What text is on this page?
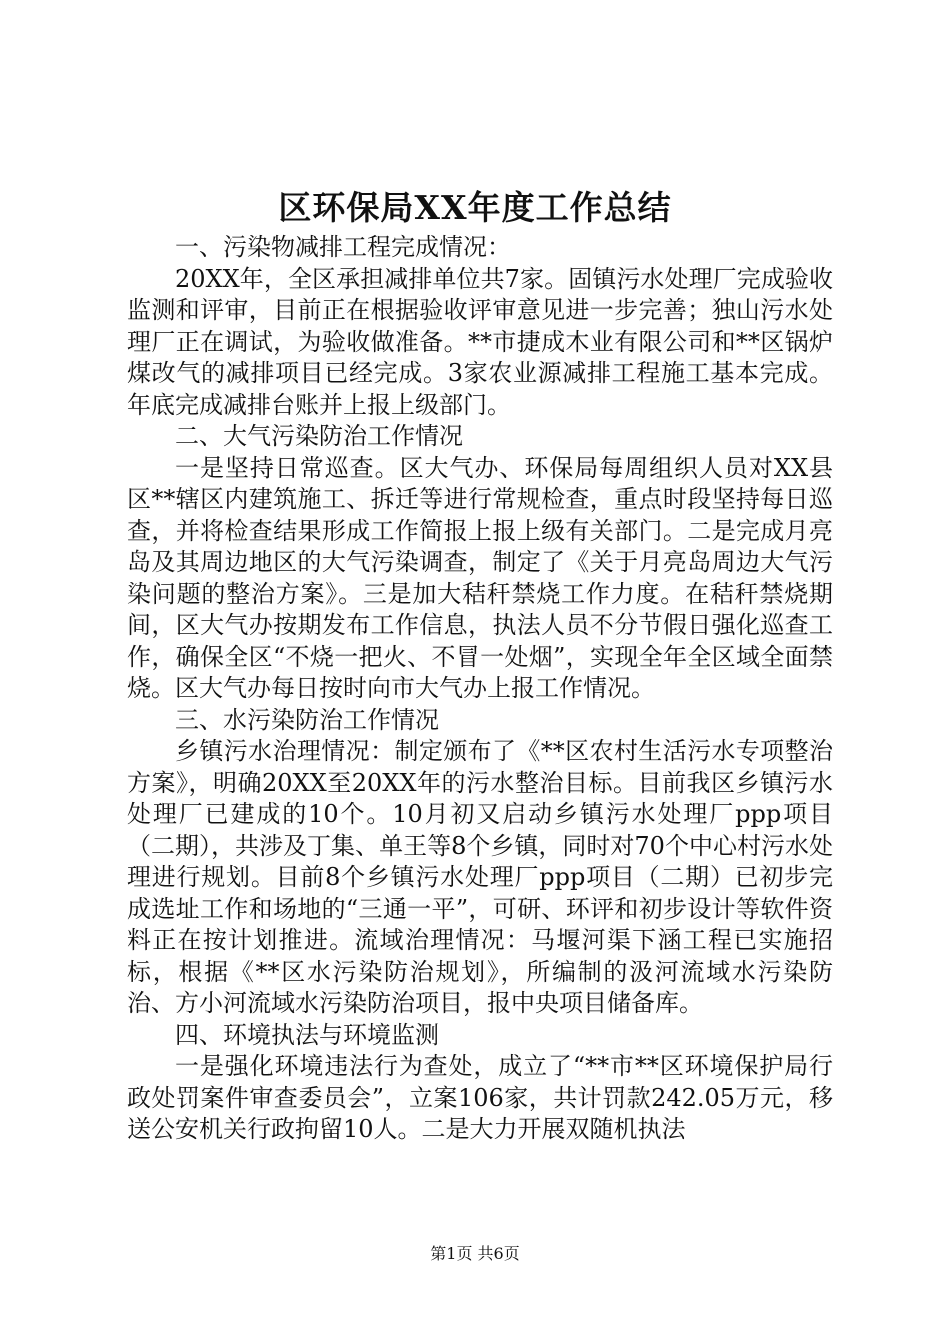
区环保局XX年度工作总结

一、污染物减排工程完成情况：

20XX年，全区承担减排单位共7家。固镇污水处理厂完成验收监测和评审，目前正在根据验收评审意见进一步完善；独山污水处理厂正在调试，为验收做准备。**市捷成木业有限公司和**区锅炉煤改气的减排项目已经完成。3家农业源减排工程施工基本完成。年底完成减排台账并上报上级部门。

二、大气污染防治工作情况

一是坚持日常巡查。区大气办、环保局每周组织人员对XX县区**辖区内建筑施工、拆迁等进行常规检查，重点时段坚持每日巡查，并将检查结果形成工作简报上报上级有关部门。二是完成月亮岛及其周边地区的大气污染调查，制定了《关于月亮岛周边大气污染问题的整治方案》。三是加大秸秆禁烧工作力度。在秸秆禁烧期间，区大气办按期发布工作信息，执法人员不分节假日强化巡查工作，确保全区“不烧一把火、不冒一处烟”，实现全年全区域全面禁烧。区大气办每日按时向市大气办上报工作情况。

三、水污染防治工作情况

乡镇污水治理情况：制定颁布了《**区农村生活污水专项整治方案》，明确20XX至20XX年的污水整治目标。目前我区乡镇污水处理厂已建成的10个。10月初又启动乡镇污水处理厂ppp项目（二期），共涉及丁集、单王等8个乡镇，同时对70个中心村污水处理进行规划。目前8个乡镇污水处理厂ppp项目（二期）已初步完成选址工作和场地的“三通一平”，可研、环评和初步设计等软件资料正在按计划推进。流域治理情况：马堰河渠下涵工程已实施招标，根据《**区水污染防治规划》，所编制的汲河流域水污染防治、方小河流域水污染防治项目，报中央项目储备库。

四、环境执法与环境监测

一是强化环境违法行为查处，成立了“**市**区环境保护局行政处罚案件审查委员会”，立案106家，共计罚款242.05万元，移送公安机关行政拘留10人。二是大力开展双随机执法

第1页 共6页
